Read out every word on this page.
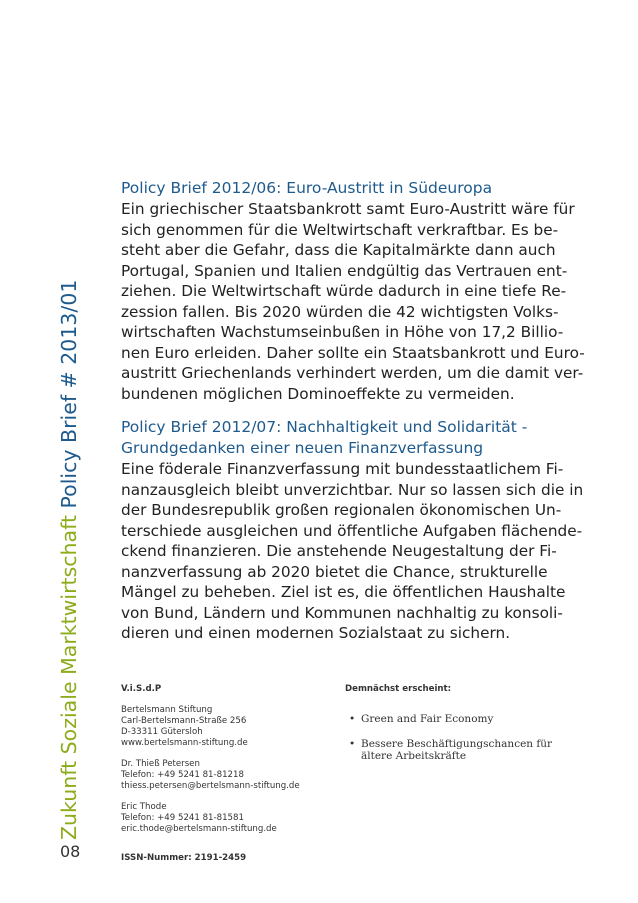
Zukunft Soziale Marktwirtschaft Policy Brief # 2013/01
Policy Brief 2012/06: Euro-Austritt in Südeuropa

Ein griechischer Staatsbankrott samt Euro-Austritt wäre für
sich genommen für die Weltwirtschaft verkraftbar. Es be-
steht aber die Gefahr, dass die Kapitalmärkte dann auch
Portugal, Spanien und Italien endgültig das Vertrauen ent-
ziehen. Die Weltwirtschaft würde dadurch in eine tiefe Re-
zession fallen. Bis 2020 würden die 42 wichtigsten Volks-
wirtschaften Wachstumseinbußen in Höhe von 17,2 Billio-
nen Euro erleiden. Daher sollte ein Staatsbankrott und Euro-
austritt Griechenlands verhindert werden, um die damit ver-
bundenen möglichen Dominoeffekte zu vermeiden.

Policy Brief 2012/07: Nachhaltigkeit und Solidarität - Grundgedanken einer neuen Finanzverfassung

Eine föderale Finanzverfassung mit bundesstaatlichem Fi-
nanzausgleich bleibt unverzichtbar. Nur so lassen sich die in
der Bundesrepublik großen regionalen ökonomischen Un-
terschiede ausgleichen und öffentliche Aufgaben flächende-
ckend finanzieren. Die anstehende Neugestaltung der Fi-
nanzverfassung ab 2020 bietet die Chance, strukturelle
Mängel zu beheben. Ziel ist es, die öffentlichen Haushalte
von Bund, Ländern und Kommunen nachhaltig zu konsoli-
dieren und einen modernen Sozialstaat zu sichern.

V.i.S.d.P
Bertelsmann Stiftung
Carl-Bertelsmann-Straße 256
D-33311 Gütersloh
www.bertelsmann-stiftung.de
Dr. Thieß Petersen
Telefon: +49 5241 81-81218
thiess.petersen@bertelsmann-stiftung.de
Eric Thode
Telefon: +49 5241 81-81581
eric.thode@bertelsmann-stiftung.de
ISSN-Nummer: 2191-2459
Demnächst erscheint:
• Green and Fair Economy
• Bessere Beschäftigungschancen für
ältere Arbeitskräfte
08
